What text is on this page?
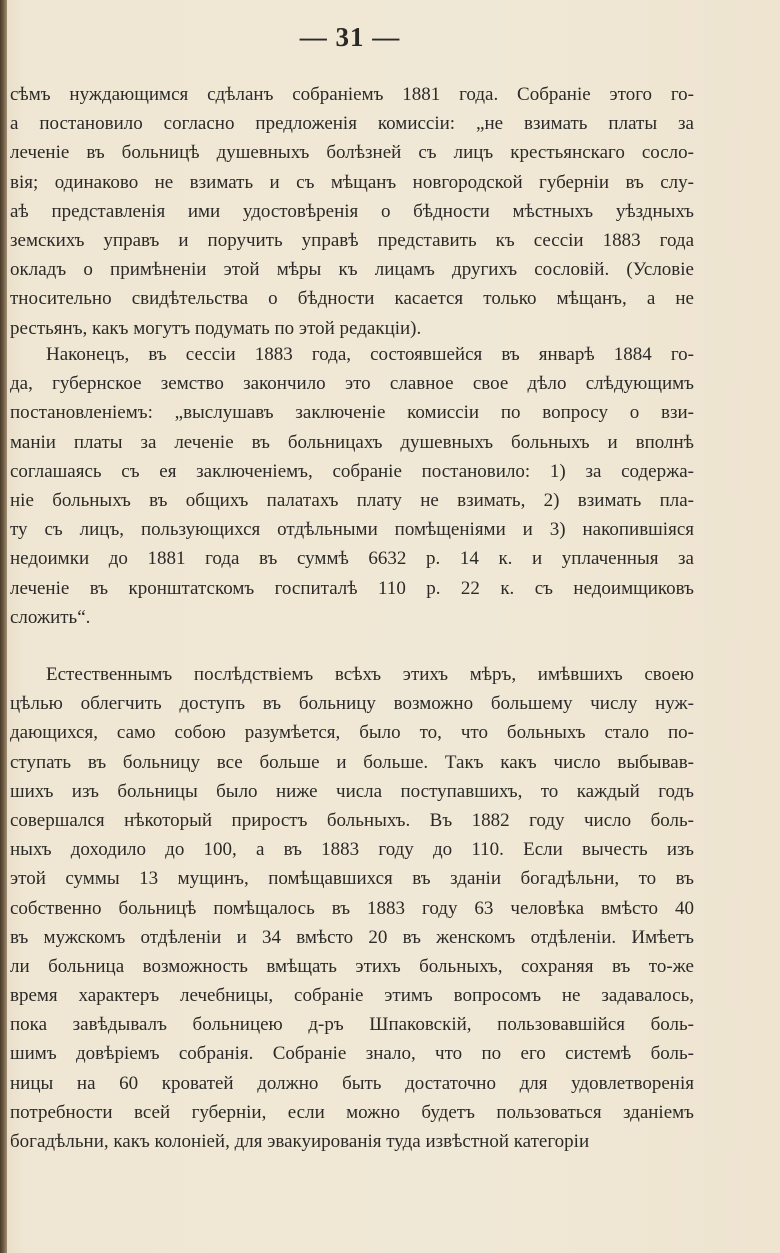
— 31 —
сѣмъ нуждающимся сдѣланъ собраніемъ 1881 года. Собраніе этого го-
а постановило согласно предложенія комиссіи: „не взимать платы за
леченіе въ больницѣ душевныхъ болѣзней съ лицъ крестьянскаго сосло-
вія; одинаково не взимать и съ мѣщанъ новгородской губерніи въ слу-
аѣ представленія ими удостовѣренія о бѣдности мѣстныхъ уѣздныхъ
земскихъ управъ и поручить управѣ представить къ сессіи 1883 года
окладъ о примѣненіи этой мѣры къ лицамъ другихъ сословій. (Условіе
тносительно свидѣтельства о бѣдности касается только мѣщанъ, а не
рестьянъ, какъ могутъ подумать по этой редакціи).
Наконецъ, въ сессіи 1883 года, состоявшейся въ январѣ 1884 го-
да, губернское земство закончило это славное свое дѣло слѣдующимъ
постановленіемъ: „выслушавъ заключеніе комиссіи по вопросу о взи-
маніи платы за леченіе въ больницахъ душевныхъ больныхъ и вполнѣ
соглашаясь съ ея заключеніемъ, собраніе постановило: 1) за содержа-
ніе больныхъ въ общихъ палатахъ плату не взимать, 2) взимать пла-
ту съ лицъ, пользующихся отдѣльными помѣщеніями и 3) накопившіяся
недоимки до 1881 года въ суммѣ 6632 р. 14 к. и уплаченныя за
леченіе въ кронштатскомъ госпиталѣ 110 р. 22 к. съ недоимщиковъ
сложить“.
Естественнымъ послѣдствіемъ всѣхъ этихъ мѣръ, имѣвшихъ своею
цѣлью облегчить доступъ въ больницу возможно большему числу нуж-
дающихся, само собою разумѣется, было то, что больныхъ стало по-
ступать въ больницу все больше и больше. Такъ какъ число выбывав-
шихъ изъ больницы было ниже числа поступавшихъ, то каждый годъ
совершался нѣкоторый приростъ больныхъ. Въ 1882 году число боль-
ныхъ доходило до 100, а въ 1883 году до 110. Если вычесть изъ
этой суммы 13 мущинъ, помѣщавшихся въ зданіи богадѣльни, то въ
собственно больницѣ помѣщалось въ 1883 году 63 человѣка вмѣсто 40
въ мужскомъ отдѣленіи и 34 вмѣсто 20 въ женскомъ отдѣленіи. Имѣетъ
ли больница возможность вмѣщать этихъ больныхъ, сохраняя въ то-же
время характеръ лечебницы, собраніе этимъ вопросомъ не задавалось,
пока завѣдывалъ больницею д-ръ Шпаковскій, пользовавшійся боль-
шимъ довѣріемъ собранія. Собраніе знало, что по его системѣ боль-
ницы на 60 кроватей должно быть достаточно для удовлетворенія
потребности всей губерніи, если можно будетъ пользоваться зданіемъ
богадѣльни, какъ колоніей, для эвакуированія туда извѣстной категоріи
